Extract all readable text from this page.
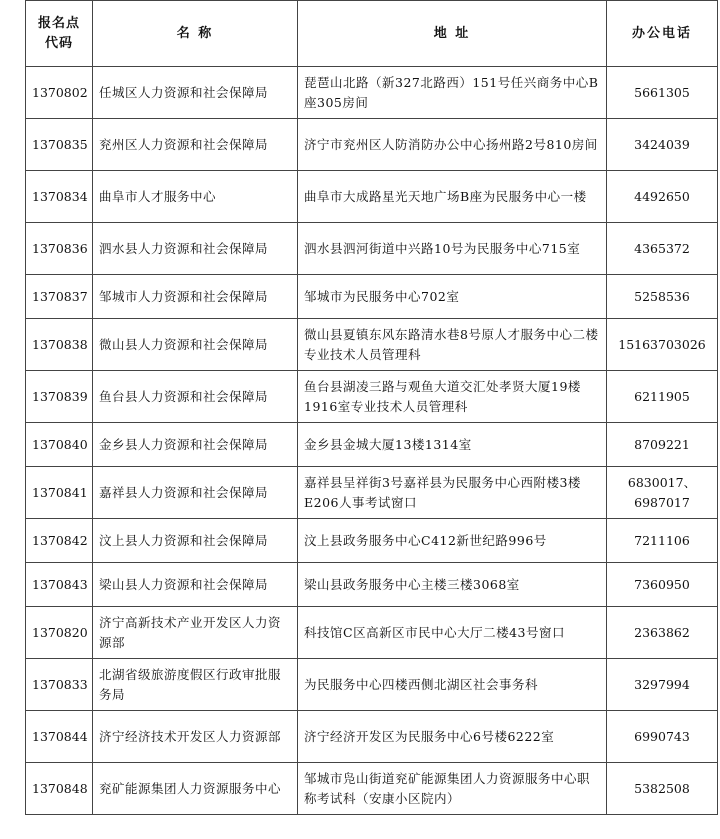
报名点代码	名 称	地 址	办公电话
1370802	任城区人力资源和社会保障局	琵琶山北路（新327北路西）151号任兴商务中心B座305房间	5661305
1370835	兖州区人力资源和社会保障局	济宁市兖州区人防消防办公中心扬州路2号810房间	3424039
1370834	曲阜市人才服务中心	曲阜市大成路星光天地广场B座为民服务中心一楼	4492650
1370836	泗水县人力资源和社会保障局	泗水县泗河街道中兴路10号为民服务中心715室	4365372
1370837	邹城市人力资源和社会保障局	邹城市为民服务中心702室	5258536
1370838	微山县人力资源和社会保障局	微山县夏镇东风东路清水巷8号原人才服务中心二楼专业技术人员管理科	15163703026
1370839	鱼台县人力资源和社会保障局	鱼台县湖凌三路与观鱼大道交汇处孝贤大厦19楼1916室专业技术人员管理科	6211905
1370840	金乡县人力资源和社会保障局	金乡县金城大厦13楼1314室	8709221
1370841	嘉祥县人力资源和社会保障局	嘉祥县呈祥街3号嘉祥县为民服务中心西附楼3楼E206人事考试窗口	6830017、6987017
1370842	汶上县人力资源和社会保障局	汶上县政务服务中心C412新世纪路996号	7211106
1370843	梁山县人力资源和社会保障局	梁山县政务服务中心主楼三楼3068室	7360950
1370820	济宁高新技术产业开发区人力资源部	科技馆C区高新区市民中心大厅二楼43号窗口	2363862
1370833	北湖省级旅游度假区行政审批服务局	为民服务中心四楼西侧北湖区社会事务科	3297994
1370844	济宁经济技术开发区人力资源部	济宁经济开发区为民服务中心6号楼6222室	6990743
1370848	兖矿能源集团人力资源服务中心	邹城市凫山街道兖矿能源集团人力资源服务中心职称考试科（安康小区院内）	5382508
